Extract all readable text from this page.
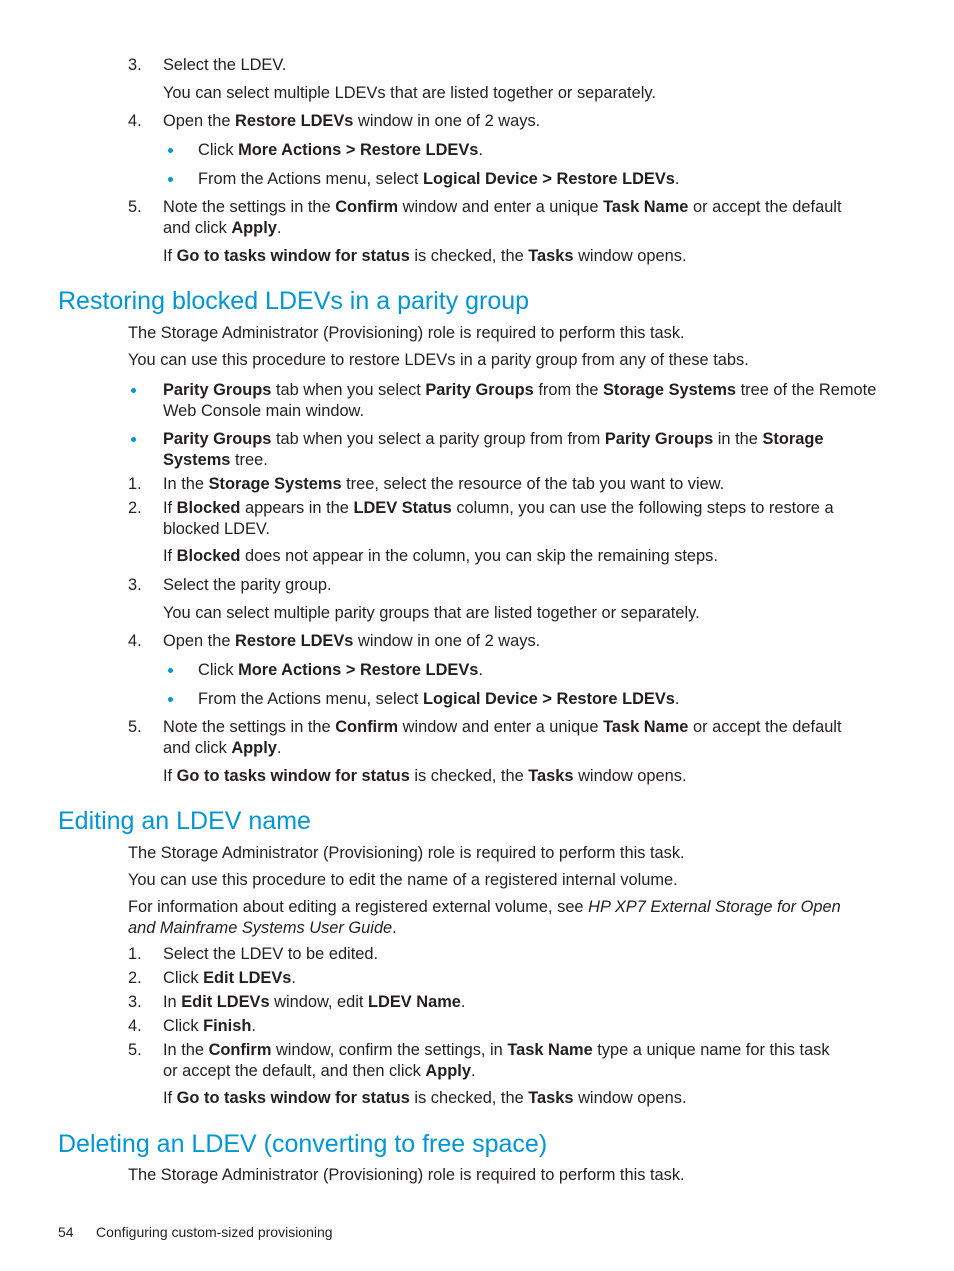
3. Select the LDEV.
You can select multiple LDEVs that are listed together or separately.
4. Open the Restore LDEVs window in one of 2 ways.
Click More Actions > Restore LDEVs.
From the Actions menu, select Logical Device > Restore LDEVs.
5. Note the settings in the Confirm window and enter a unique Task Name or accept the default
and click Apply.
If Go to tasks window for status is checked, the Tasks window opens.
Restoring blocked LDEVs in a parity group
The Storage Administrator (Provisioning) role is required to perform this task.
You can use this procedure to restore LDEVs in a parity group from any of these tabs.
Parity Groups tab when you select Parity Groups from the Storage Systems tree of the Remote
Web Console main window.
Parity Groups tab when you select a parity group from from Parity Groups in the Storage
Systems tree.
1. In the Storage Systems tree, select the resource of the tab you want to view.
2. If Blocked appears in the LDEV Status column, you can use the following steps to restore a
blocked LDEV.
If Blocked does not appear in the column, you can skip the remaining steps.
3. Select the parity group.
You can select multiple parity groups that are listed together or separately.
4. Open the Restore LDEVs window in one of 2 ways.
Click More Actions > Restore LDEVs.
From the Actions menu, select Logical Device > Restore LDEVs.
5. Note the settings in the Confirm window and enter a unique Task Name or accept the default
and click Apply.
If Go to tasks window for status is checked, the Tasks window opens.
Editing an LDEV name
The Storage Administrator (Provisioning) role is required to perform this task.
You can use this procedure to edit the name of a registered internal volume.
For information about editing a registered external volume, see HP XP7 External Storage for Open
and Mainframe Systems User Guide.
1. Select the LDEV to be edited.
2. Click Edit LDEVs.
3. In Edit LDEVs window, edit LDEV Name.
4. Click Finish.
5. In the Confirm window, confirm the settings, in Task Name type a unique name for this task
or accept the default, and then click Apply.
If Go to tasks window for status is checked, the Tasks window opens.
Deleting an LDEV (converting to free space)
The Storage Administrator (Provisioning) role is required to perform this task.
54 Configuring custom-sized provisioning
